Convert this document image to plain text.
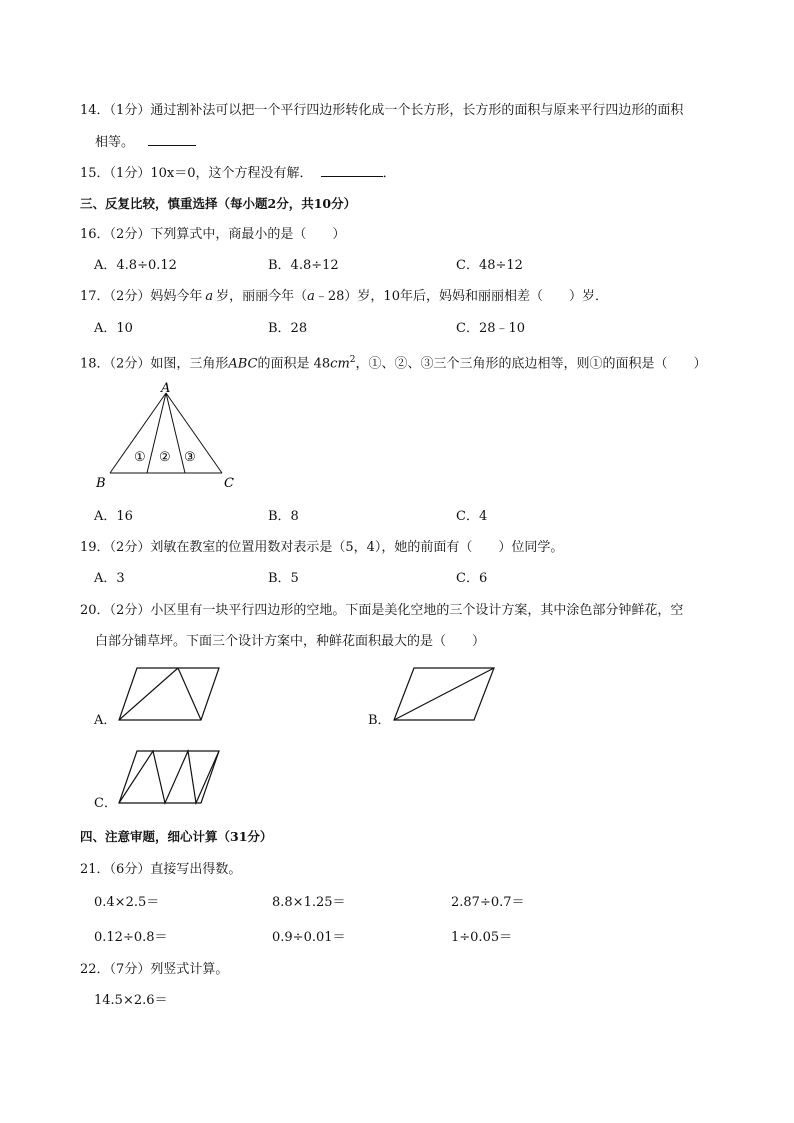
14．（1分）通过割补法可以把一个平行四边形转化成一个长方形，长方形的面积与原来平行四边形的面积
相等。
15．（1分）10x＝0，这个方程没有解．	．
三、反复比较，慎重选择（每小题2分，共10分）
16．（2分）下列算式中，商最小的是（　　）
A．4.8÷0.12	B．4.8÷12	C．48÷12
17．（2分）妈妈今年 a 岁，丽丽今年（a﹣28）岁，10年后，妈妈和丽丽相差（　　）岁．
A．10	B．28	C．28﹣10
18．（2分）如图，三角形ABC的面积是 $48cm^2$，①、②、③三个三角形的底边相等，则①的面积是（　　）
A
B	C
① ② ③
A．16	B．8	C．4
19．（2分）刘敏在教室的位置用数对表示是（5，4），她的前面有（　　）位同学。
A．3	B．5	C．6
20．（2分）小区里有一块平行四边形的空地。下面是美化空地的三个设计方案，其中涂色部分钟鲜花，空
白部分铺草坪。下面三个设计方案中，种鲜花面积最大的是（　　）
A．	B．
C．
四、注意审题，细心计算（31分）
21．（6分）直接写出得数。
0.4×2.5＝	8.8×1.25＝	2.87÷0.7＝
0.12÷0.8＝	0.9÷0.01＝	1÷0.05＝
22．（7分）列竖式计算。
14.5×2.6＝
